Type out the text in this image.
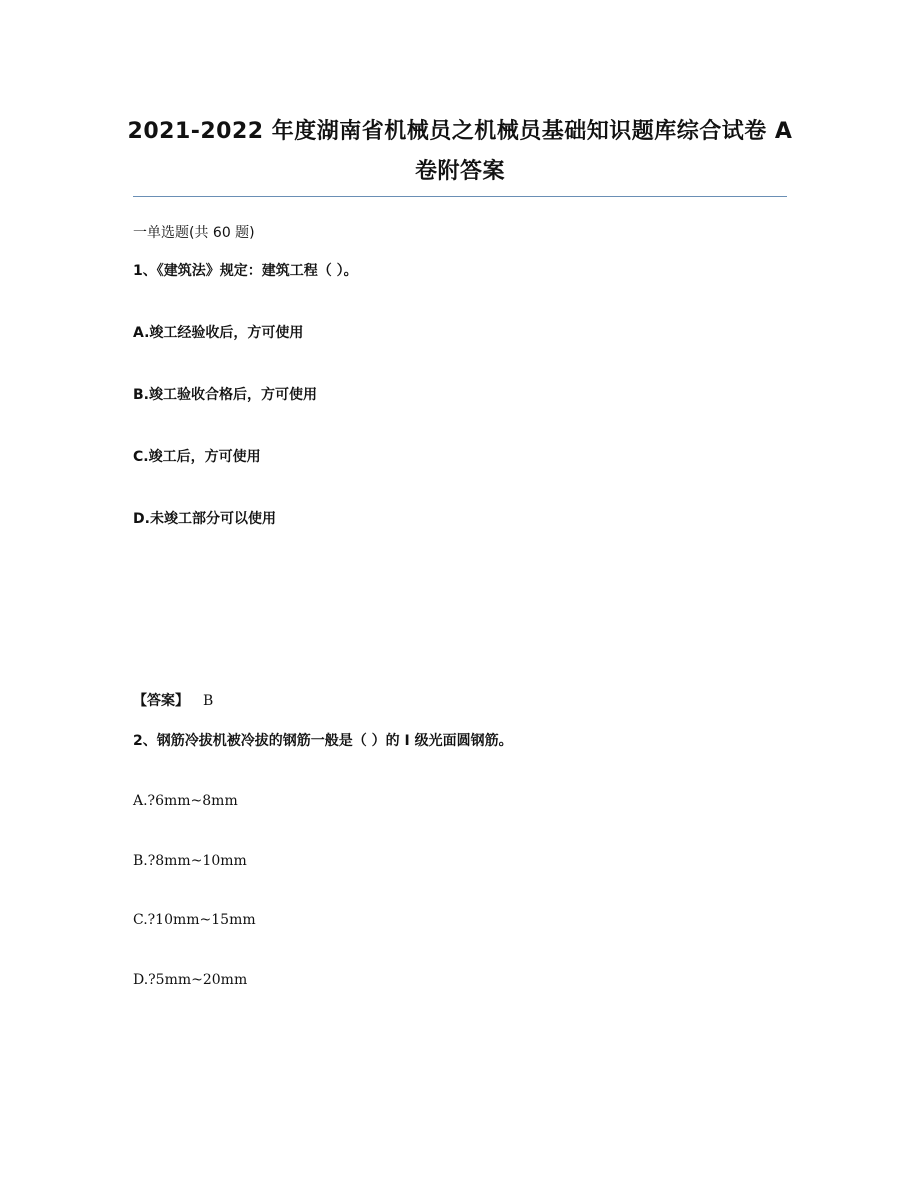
2021-2022 年度湖南省机械员之机械员基础知识题库综合试卷 A 卷附答案
一单选题(共 60 题)
1、《建筑法》规定：建筑工程（ ）。
A.竣工经验收后，方可使用
B.竣工验收合格后，方可使用
C.竣工后，方可使用
D.未竣工部分可以使用
【答案】 B
2、钢筋冷拔机被冷拔的钢筋一般是（ ）的 I 级光面圆钢筋。
A.?6mm~8mm
B.?8mm~10mm
C.?10mm~15mm
D.?5mm~20mm
